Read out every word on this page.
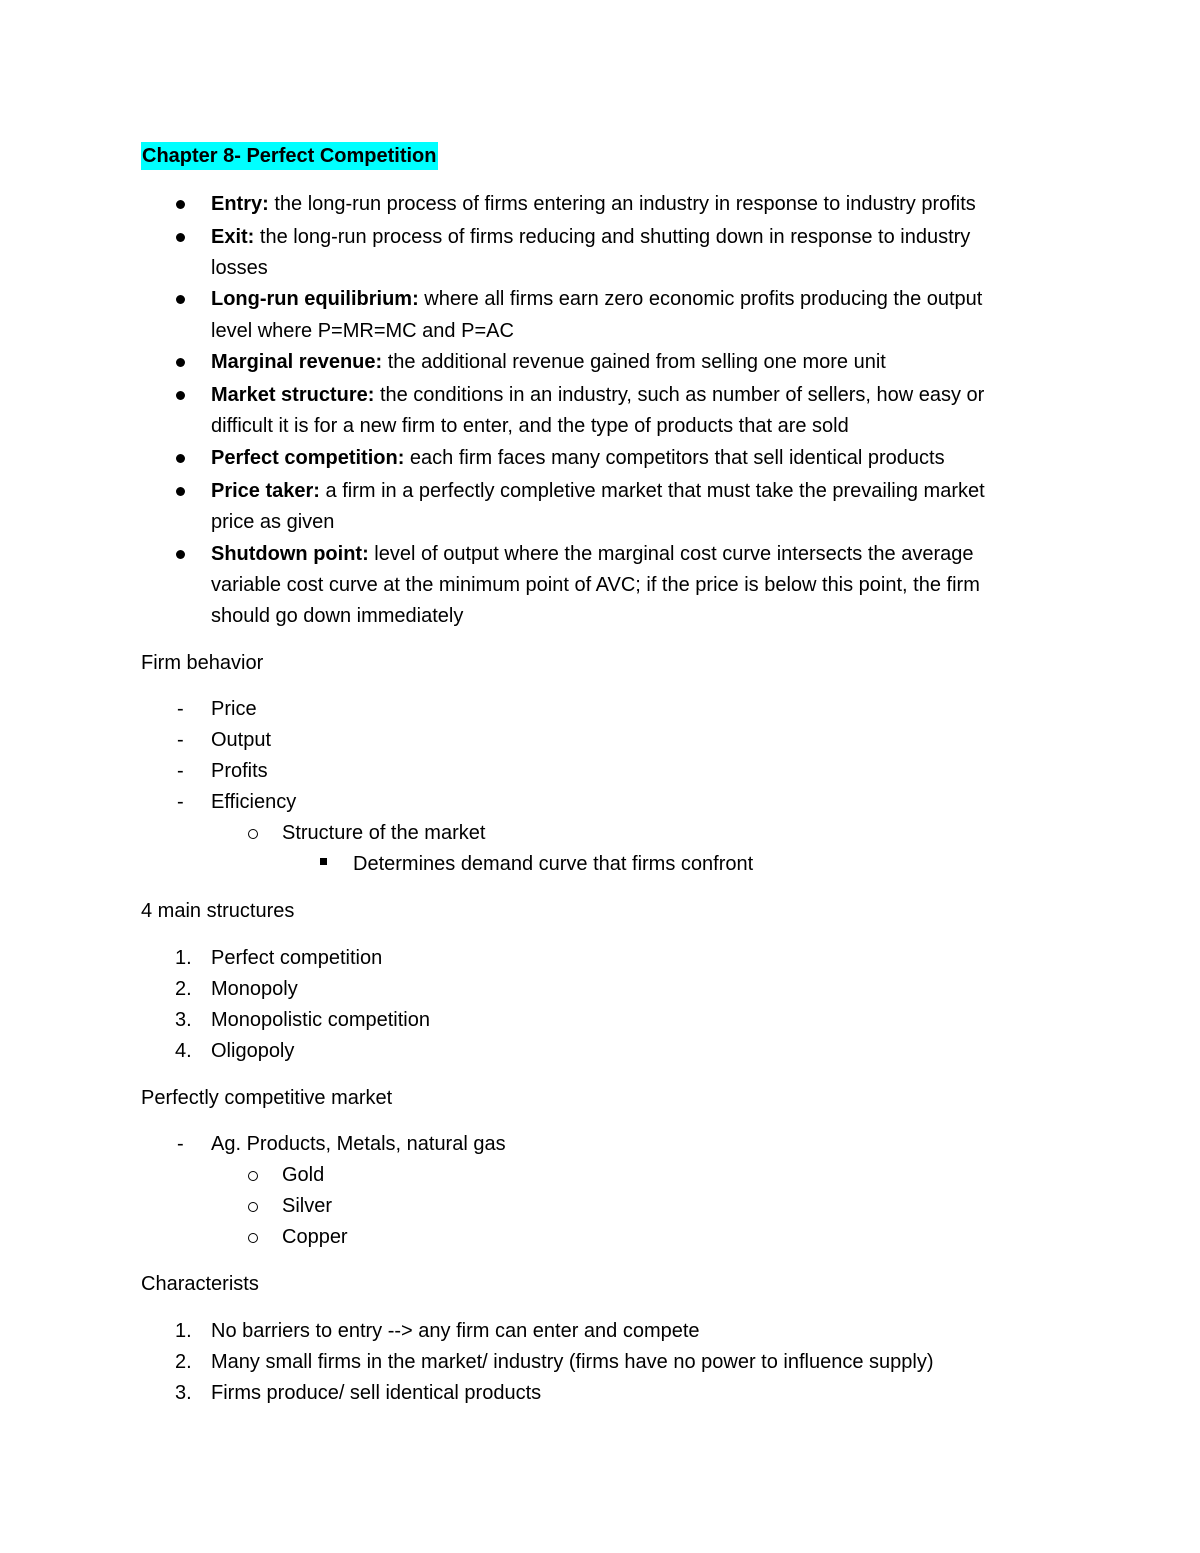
Chapter 8- Perfect Competition
Entry: the long-run process of firms entering an industry in response to industry profits
Exit: the long-run process of firms reducing and shutting down in response to industry
losses
Long-run equilibrium: where all firms earn zero economic profits producing the output
level where P=MR=MC and P=AC
Marginal revenue: the additional revenue gained from selling one more unit
Market structure: the conditions in an industry, such as number of sellers, how easy or
difficult it is for a new firm to enter, and the type of products that are sold
Perfect competition: each firm faces many competitors that sell identical products
Price taker: a firm in a perfectly completive market that must take the prevailing market
price as given
Shutdown point: level of output where the marginal cost curve intersects the average
variable cost curve at the minimum point of AVC; if the price is below this point, the firm
should go down immediately
Firm behavior
- Price
- Output
- Profits
- Efficiency
Structure of the market
Determines demand curve that firms confront
4 main structures
1. Perfect competition
2. Monopoly
3. Monopolistic competition
4. Oligopoly
Perfectly competitive market
- Ag. Products, Metals, natural gas
Gold
Silver
Copper
Characterists
1. No barriers to entry --> any firm can enter and compete
2. Many small firms in the market/ industry (firms have no power to influence supply)
3. Firms produce/ sell identical products
